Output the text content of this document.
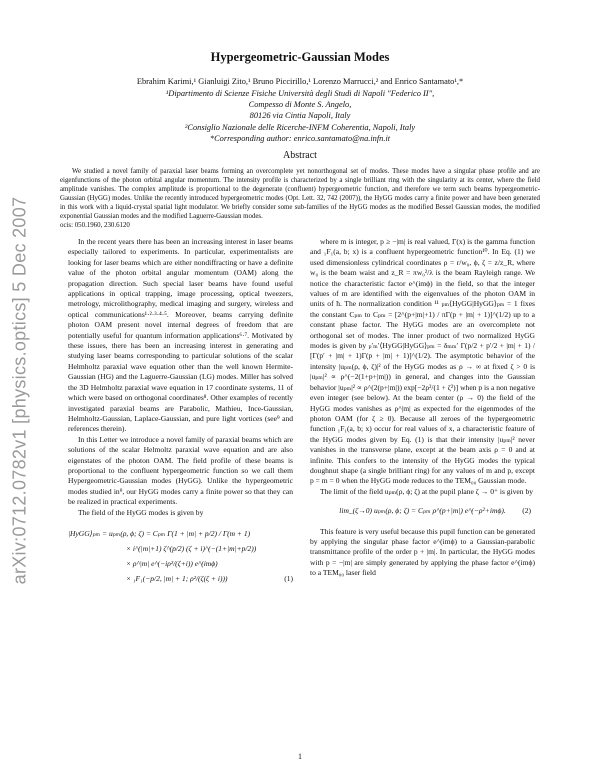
arXiv:0712.0782v1 [physics.optics] 5 Dec 2007
Hypergeometric-Gaussian Modes
Ebrahim Karimi,¹ Gianluigi Zito,¹ Bruno Piccirillo,¹ Lorenzo Marrucci,² and Enrico Santamato¹,*
¹Dipartimento di Scienze Fisiche Università degli Studi di Napoli "Federico II",
Compesso di Monte S. Angelo,
80126 via Cintia Napoli, Italy
²Consiglio Nazionale delle Ricerche-INFM Coherentia, Napoli, Italy
*Corresponding author: enrico.santamato@na.infn.it
Abstract

We studied a novel family of paraxial laser beams forming an overcomplete yet nonorthogonal set of modes. These modes have a singular phase profile and are eigenfunctions of the photon orbital angular momentum. The intensity profile is characterized by a single brilliant ring with the singularity at its center, where the field amplitude vanishes. The complex amplitude is proportional to the degenerate (confluent) hypergeometric function, and therefore we term such beams hypergeometric-Gaussian (HyGG) modes. Unlike the recently introduced hypergeometric modes (Opt. Lett. 32, 742 (2007)), the HyGG modes carry a finite power and have been generated in this work with a liquid-crystal spatial light modulator. We briefly consider some sub-families of the HyGG modes as the modified Bessel Gaussian modes, the modified exponential Gaussian modes and the modified Laguerre-Gaussian modes.

ocis: 050.1960, 230.6120

In the recent years there has been an increasing interest in laser beams especially tailored to experiments. In particular, experimentalists are looking for laser beams which are either nondiffracting or have a definite value of the photon orbital angular momentum (OAM) along the propagation direction. Such special laser beams have found useful applications in optical trapping, image processing, optical tweezers, metrology, microlithography, medical imaging and surgery, wireless and optical communications¹·²·³·⁴·⁵. Moreover, beams carrying definite photon OAM present novel internal degrees of freedom that are potentially useful for quantum information applications⁶·⁷. Motivated by these issues, there has been an increasing interest in generating and studying laser beams corresponding to particular solutions of the scalar Helmholtz paraxial wave equation other than the well known Hermite-Gaussian (HG) and the Laguerre-Gaussian (LG) modes. Miller has solved the 3D Helmholtz paraxial wave equation in 17 coordinate systems, 11 of which were based on orthogonal coordinates⁸. Other examples of recently investigated paraxial beams are Parabolic, Mathieu, Ince-Gaussian, Helmholtz-Gaussian, Laplace-Gaussian, and pure light vortices (see⁹ and references therein).

In this Letter we introduce a novel family of paraxial beams which are solutions of the scalar Helmoltz paraxial wave equation and are also eigenstates of the photon OAM. The field profile of these beams is proportional to the confluent hypergeometric function so we call them Hypergeometric-Gaussian modes (HyGG). Unlike the hypergeometric modes studied in⁹, our HyGG modes carry a finite power so that they can be realized in practical experiments.

The field of the HyGG modes is given by

|HyGG⟩ₚₘ = uₚₘ(ρ, ϕ; ζ) = Cₚₘ Γ(1 + |m| + p/2) / Γ(m + 1)
× i^(|m|+1) ζ^(p/2) (ζ + i)^(−(1+|m|+p/2))
× ρ^|m| e^(−iρ²/(ζ+i)) e^(imϕ)
× ₁F₁(−p/2, |m| + 1; ρ²/(ζ(ζ + i)))	(1)

where m is integer, p ≥ −|m| is real valued, Γ(x) is the gamma function and ₁F₁(a, b; x) is a confluent hypergeometric function¹⁰. In Eq. (1) we used dimensionless cylindrical coordinates ρ = r/w₀, ϕ, ζ = z/z_R, where w₀ is the beam waist and z_R = πw₀²/λ is the beam Rayleigh range. We notice the characteristic factor e^(imϕ) in the field, so that the integer values of m are identified with the eigenvalues of the photon OAM in units of ħ. The normalization condition ¹¹ ₚₘ⟨HyGG|HyGG⟩ₚₘ = 1 fixes the constant Cₚₘ to Cₚₘ = [2^(p+|m|+1) / πΓ(p + |m| + 1)]^(1/2) up to a constant phase factor. The HyGG modes are an overcomplete not orthogonal set of modes. The inner product of two normalized HyGG modes is given by ₚ′ₘ′⟨HyGG|HyGG⟩ₚₘ = δₘₘ′ Γ(p/2 + p′/2 + |m| + 1) / [Γ(p′ + |m| + 1)Γ(p + |m| + 1)]^(1/2). The asymptotic behavior of the intensity |uₚₘ(ρ, ϕ, ζ)|² of the HyGG modes as ρ → ∞ at fixed ζ > 0 is |uₚₘ|² ∝ ρ^(−2(1+p+|m|)) in general, and changes into the Gaussian behavior |uₚₘ|² ∝ ρ^(2(p+|m|)) exp[−2ρ²/(1 + ζ²)] when p is a non negative even integer (see below). At the beam center (ρ → 0) the field of the HyGG modes vanishes as ρ^|m| as expected for the eigenmodes of the photon OAM (for ζ ≥ 0). Because all zeroes of the hypergeometric function ₁F₁(a, b; x) occur for real values of x, a characteristic feature of the HyGG modes given by Eq. (1) is that their intensity |uₚₘ|² never vanishes in the transverse plane, except at the beam axis ρ = 0 and at infinite. This confers to the intensity of the HyGG modes the typical doughnut shape (a single brilliant ring) for any values of m and p, except p = m = 0 when the HyGG mode reduces to the TEM₀₀ Gaussian mode.

The limit of the field uₚₘ(ρ, ϕ; ζ) at the pupil plane ζ → 0⁺ is given by

lim_(ζ→0) uₚₘ(ρ, ϕ; ζ) = Cₚₘ ρ^(p+|m|) e^(−ρ²+imϕ). (2)

This feature is very useful because this pupil function can be generated by applying the singular phase factor e^(imϕ) to a Gaussian-parabolic transmittance profile of the order p + |m|. In particular, the HyGG modes with p = −|m| are simply generated by applying the phase factor e^(imϕ) to a TEM₀₀ laser field

1
